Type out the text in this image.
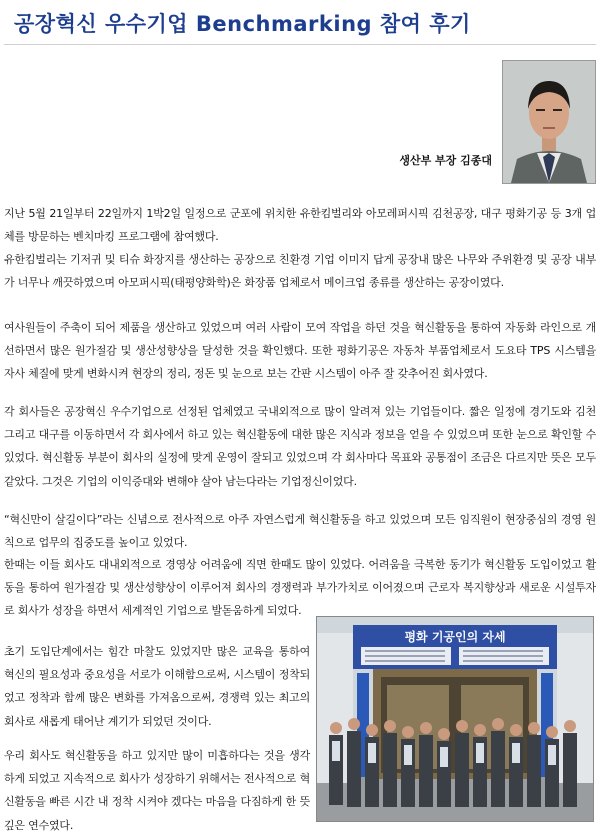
공장혁신 우수기업 Benchmarking 참여 후기
생산부 부장 김종대

지난 5월 21일부터 22일까지 1박2일 일정으로 군포에 위치한 유한킴벌리와 아모레퍼시픽 김천공장, 대구 평화기공 등 3개 업체를 방문하는 벤치마킹 프로그램에 참여했다.

유한킴벌리는 기저귀 및 티슈 화장지를 생산하는 공장으로 친환경 기업 이미지 답게 공장내 많은 나무와 주위환경 및 공장 내부가 너무나 깨끗하였으며 아모퍼시픽(태평양화학)은 화장품 업체로서 메이크업 종류를 생산하는 공장이였다.

여사원들이 주축이 되어 제품을 생산하고 있었으며 여러 사람이 모여 작업을 하던 것을 혁신활동을 통하여 자동화 라인으로 개선하면서 많은 원가절감 및 생산성향상을 달성한 것을 확인했다. 또한 평화기공은 자동차 부품업체로서 도요타 TPS 시스템을 자사 체질에 맞게 변화시켜 현장의 정리, 정돈 및 눈으로 보는 간판 시스템이 아주 잘 갖추어진 회사였다.

각 회사들은 공장혁신 우수기업으로 선정된 업체였고 국내외적으로 많이 알려져 있는 기업들이다. 짧은 일정에 경기도와 김천 그리고 대구를 이동하면서 각 회사에서 하고 있는 혁신활동에 대한 많은 지식과 정보을 얻을 수 있었으며 또한 눈으로 확인할 수 있었다. 혁신활동 부분이 회사의 실정에 맞게 운영이 잘되고 있었으며 각 회사마다 목표와 공통점이 조금은 다르지만 뜻은 모두 같았다. 그것은 기업의 이익증대와 변해야 살아 남는다라는 기업정신이었다.

“혁신만이 살길이다”라는 신념으로 전사적으로 아주 자연스럽게 혁신활동을 하고 있었으며 모든 임직원이 현장중심의 경영 원칙으로 업무의 집중도를 높이고 있었다.

한때는 이들 회사도 대내외적으로 경영상 어려움에 직면 한때도 많이 있었다. 어려움을 극복한 동기가 혁신활동 도입이었고 활동을 통하여 원가절감 및 생산성향상이 이루어져 회사의 경쟁력과 부가가치로 이어졌으며 근로자 복지향상과 새로운 시설투자로 회사가 성장을 하면서 세계적인 기업으로 발돋움하게 되었다.

초기 도입단계에서는 힘간 마찰도 있었지만 많은 교육을 통하여 혁신의 필요성과 중요성을 서로가 이해함으로써, 시스템이 정착되었고 정착과 함께 많은 변화를 가져옴으로써, 경쟁력 있는 최고의 회사로 새롭게 태어난 계기가 되었던 것이다.

우리 회사도 혁신활동을 하고 있지만 많이 미흡하다는 것을 생각하게 되었고 지속적으로 회사가 성장하기 위해서는 전사적으로 혁신활동을 빠른 시간 내 정착 시켜야 겠다는 마음을 다짐하게 한 뜻 깊은 연수였다.

평화 기공인의 자세
